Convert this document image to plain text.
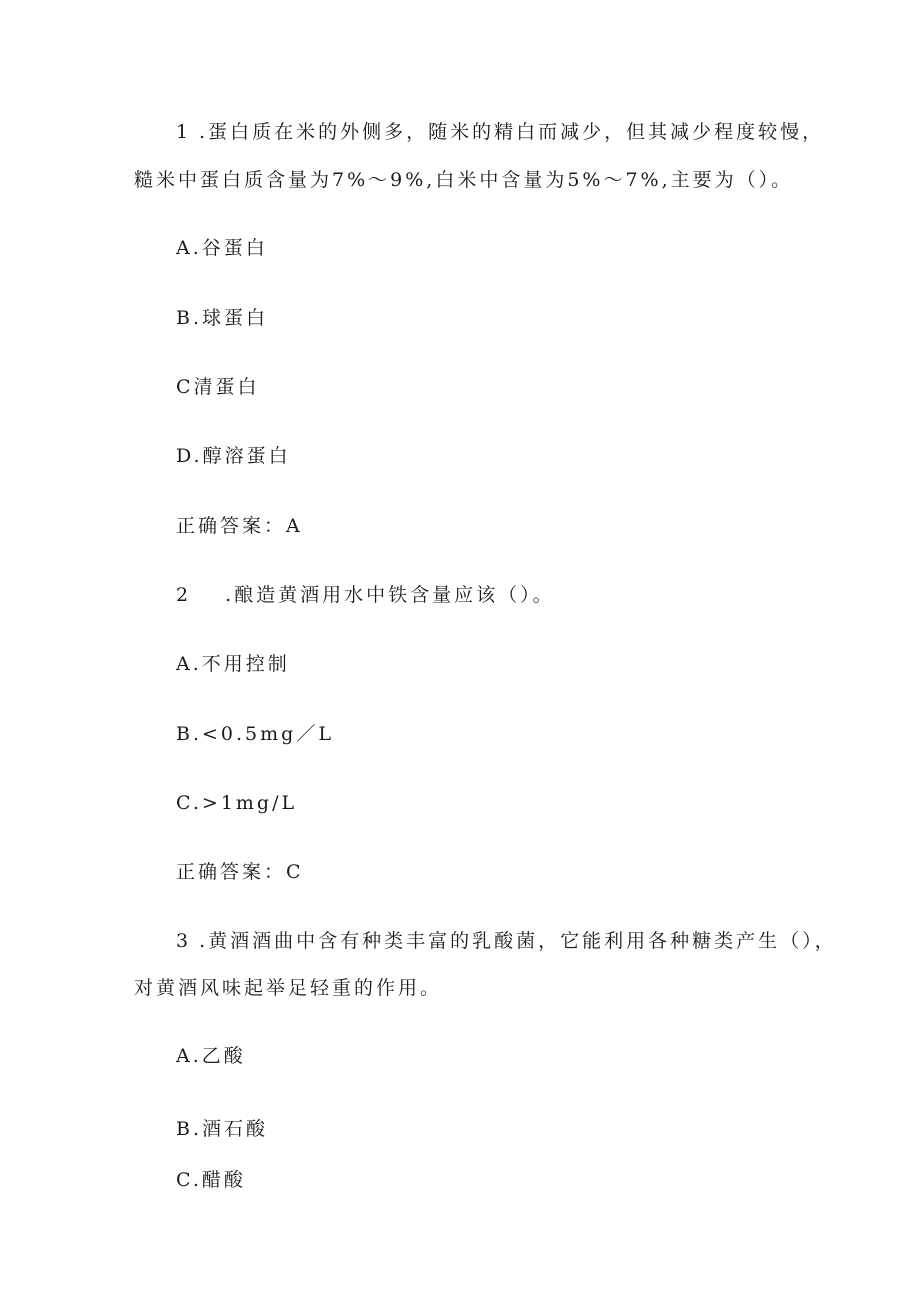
1 .蛋白质在米的外侧多，随米的精白而减少，但其减少程度较慢，
糙米中蛋白质含量为7%～9%,白米中含量为5%～7%,主要为（）。
A.谷蛋白
B.球蛋白
C清蛋白
D.醇溶蛋白
正确答案：A
2 .酿造黄酒用水中铁含量应该（）。
A.不用控制
B.<0.5mg／L
C.>1mg/L
正确答案：C
3 .黄酒酒曲中含有种类丰富的乳酸菌，它能利用各种糖类产生（），
对黄酒风味起举足轻重的作用。
A.乙酸
B.酒石酸
C.醋酸
